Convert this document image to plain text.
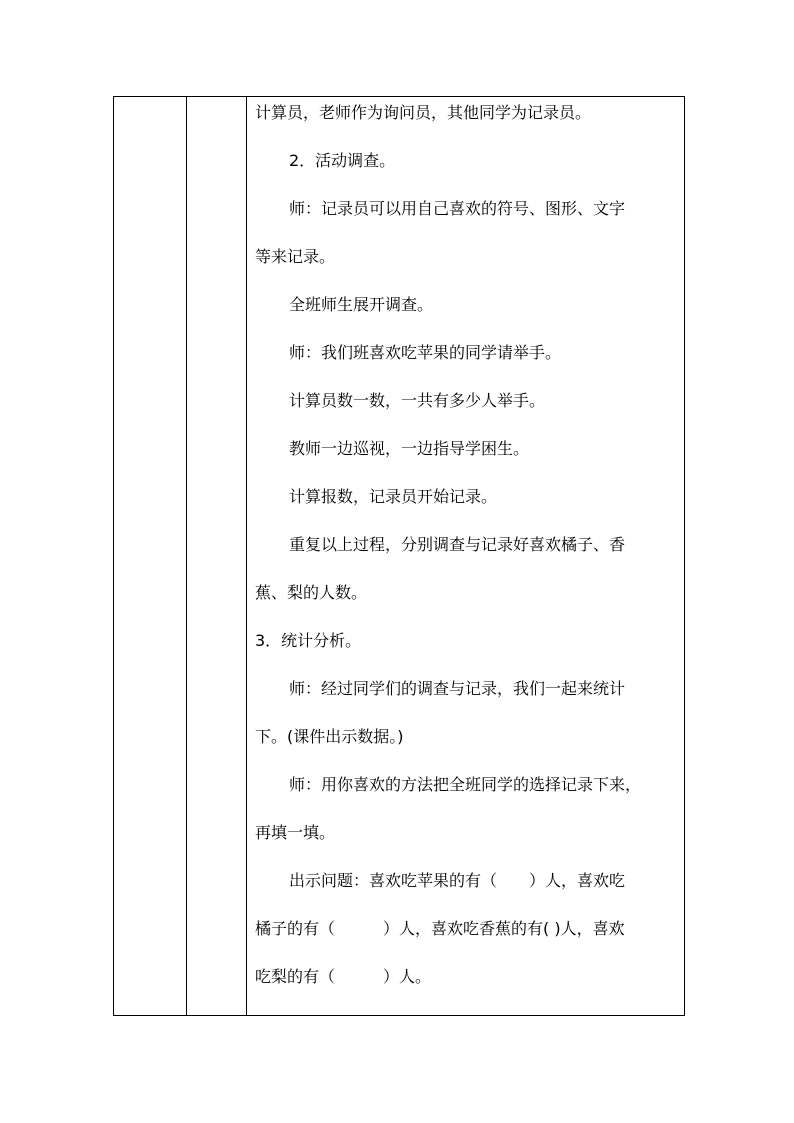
计算员，老师作为询问员，其他同学为记录员。
2．活动调查。
师：记录员可以用自己喜欢的符号、图形、文字
等来记录。
全班师生展开调查。
师：我们班喜欢吃苹果的同学请举手。
计算员数一数，一共有多少人举手。
教师一边巡视，一边指导学困生。
计算报数，记录员开始记录。
重复以上过程，分别调查与记录好喜欢橘子、香
蕉、梨的人数。
3．统计分析。
师：经过同学们的调查与记录，我们一起来统计
下。(课件出示数据。)
师：用你喜欢的方法把全班同学的选择记录下来，
再填一填。
出示问题：喜欢吃苹果的有（　　）人，喜欢吃
橘子的有（　　　）人，喜欢吃香蕉的有( )人，喜欢
吃梨的有（　　　）人。
